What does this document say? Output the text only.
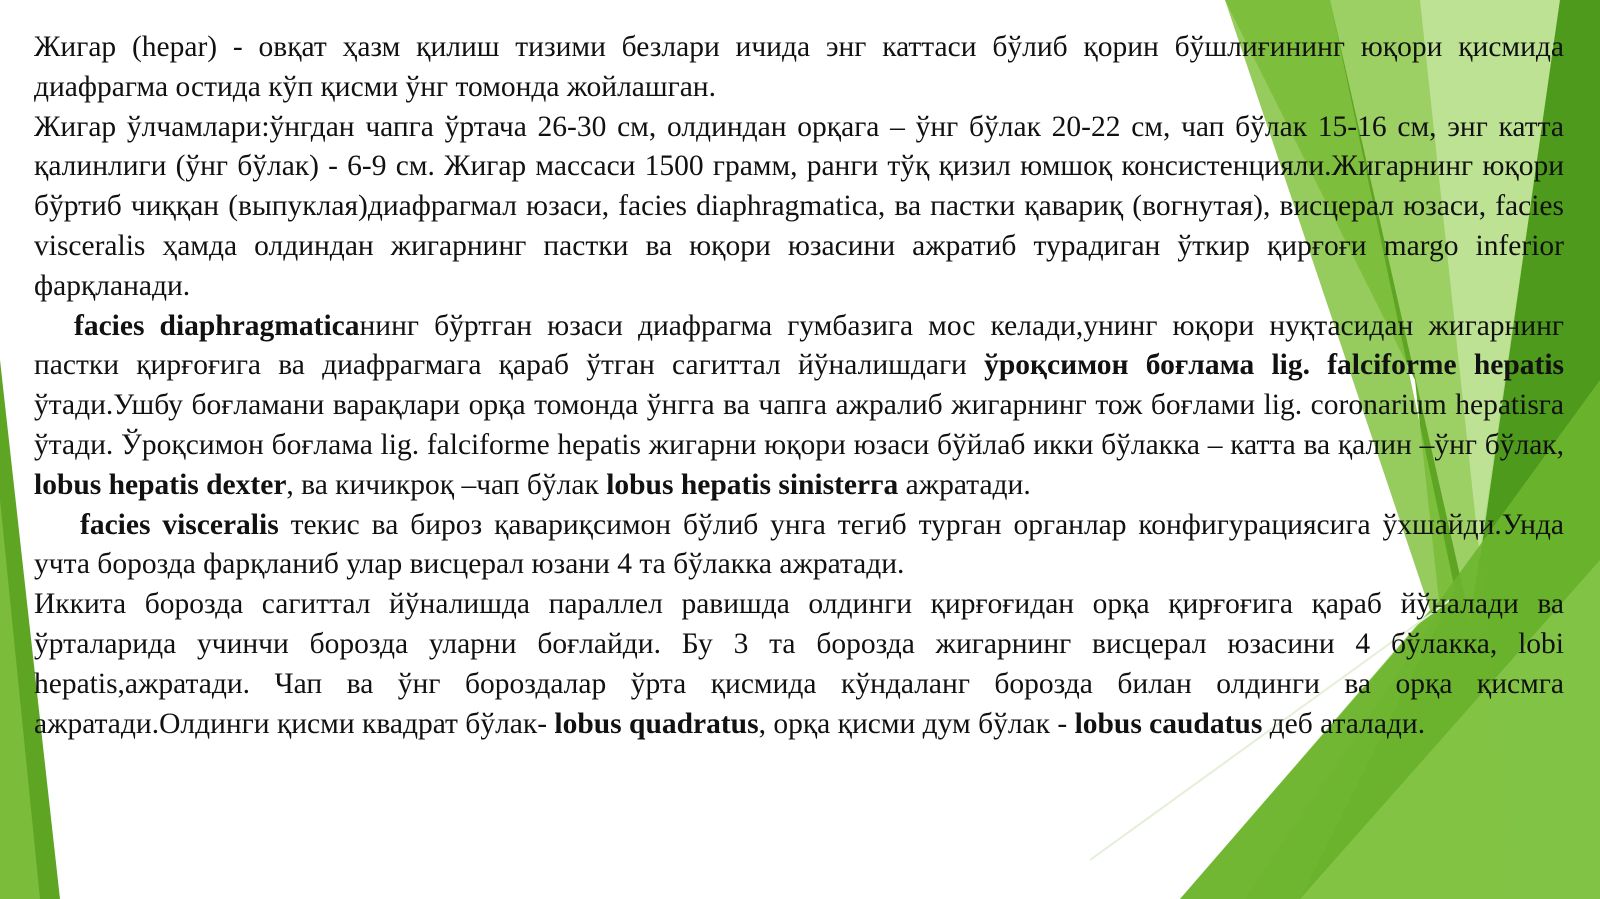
Жигар (hepar) - овқат ҳазм қилиш тизими безлари ичида энг каттаси бўлиб қорин бўшлиғининг юқори қисмида диафрагма остида кўп қисми ўнг томонда жойлашган.

Жигар ўлчамлари:ўнгдан чапга ўртача 26-30 см, олдиндан орқага – ўнг бўлак 20-22 см, чап бўлак 15-16 см, энг катта қалинлиги (ўнг бўлак) - 6-9 см. Жигар массаси 1500 грамм, ранги тўқ қизил юмшоқ консистенцияли.Жигарнинг юқори бўртиб чиққан (выпуклая)диафрагмал юзаси, facies diaphragmatica, ва пастки қавариқ (вогнутая), висцерал юзаси, facies visceralis ҳамда олдиндан жигарнинг пастки ва юқори юзасини ажратиб турадиган ўткир қирғоғи margo inferior фарқланади.

facies diaphragmaticaнинг бўртган юзаси диафрагма гумбазига мос келади,унинг юқори нуқтасидан жигарнинг пастки қирғоғига ва диафрагмага қараб ўтган сагиттал йўналишдаги ўроқсимон боғлама lig. falciforme hepatis ўтади.Ушбу боғламани варақлари орқа томонда ўнгга ва чапга ажралиб жигарнинг тож боғлами lig. coronarium hepatisга ўтади. Ўроқсимон боғлама lig. falciforme hepatis жигарни юқори юзаси бўйлаб икки бўлакка – катта ва қалин –ўнг бўлак, lobus hepatis dexter, ва кичикроқ –чап бўлак lobus hepatis sinisterга ажратади.

facies visceralis текис ва бироз қавариқсимон бўлиб унга тегиб турган органлар конфигурациясига ўхшайди.Унда учта борозда фарқланиб улар висцерал юзани 4 та бўлакка ажратади.

Иккита борозда сагиттал йўналишда параллел равишда олдинги қирғоғидан орқа қирғоғига қараб йўналади ва ўрталарида учинчи борозда уларни боғлайди. Бу 3 та борозда жигарнинг висцерал юзасини 4 бўлакка, lobi hepatis,ажратади. Чап ва ўнг бороздалар ўрта қисмида кўндаланг борозда билан олдинги ва орқа қисмга ажратади.Олдинги қисми квадрат бўлак- lobus quadratus, орқа қисми дум бўлак - lobus caudatus деб аталади.
